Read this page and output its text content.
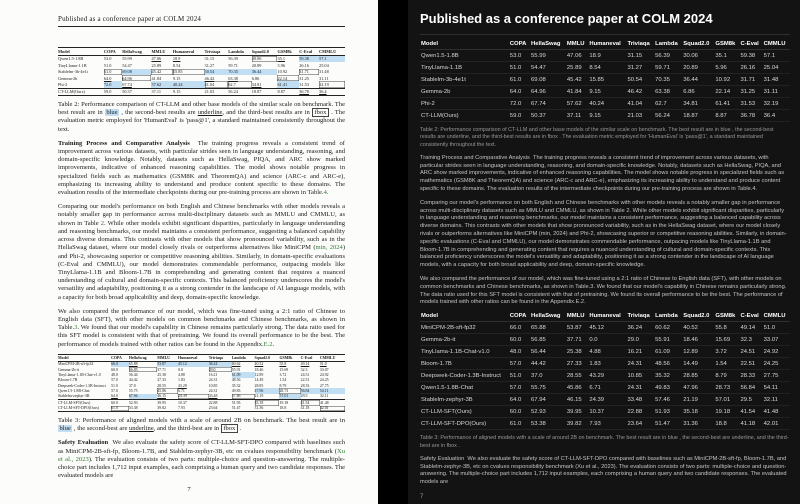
Published as a conference paper at COLM 2024
Model	COPA	HellaSwag	MMLU	Humaneval	Triviaqa	Lambda	Squad2.0	GSM8k	C-Eval	CMMLU
Qwen1.5-1.8B	53.0	55.99	47.06	18.9	31.15	56.39	30.06	35.1	59.38	57.1
TinyLlama-1.1B	51.0	54.47	25.89	8.54	31.27	59.71	20.89	5.96	26.16	25.04
Stablelm-3b-4e1t	61.0	69.08	45.42	15.85	50.54	70.35	36.44	10.92	31.71	31.48
Gemma-2b	64.0	64.96	41.84	9.15	46.42	63.38	6.86	22.14	31.25	31.11
Phi-2	72.0	67.74	57.62	40.24	41.04	62.7	34.81	61.41	31.53	32.19
CT-LLM(Ours)	59.0	50.37	37.11	9.15	21.03	56.24	18.87	8.87	36.78	36.4

Table 2: Performance comparison of CT-LLM and other base models of the similar scale on benchmark. The best result are in blue , the second-best results are underline, and the third-best results are in fbox . The evaluation metric employed for 'HumanEval' is 'pass@1', a standard maintained consistently throughout the text.

Training Process and Comparative Analysis  The training progress reveals a consistent trend of improvement across various datasets, with particular strides seen in language understanding, reasoning, and domain-specific knowledge. Notably, datasets such as HellaSwag, PIQA, and ARC show marked improvements, indicative of enhanced reasoning capabilities. The model shows notable progress in specialized fields such as mathematics (GSM8K and TheoremQA) and science (ARC-c and ARC-e), emphasizing its increasing ability to understand and produce content specific to these domains. The evaluation results of the intermediate checkpoints during our pre-training process are shown in Table.4.

Comparing our model's performance on both English and Chinese benchmarks with other models reveals a notably smaller gap in performance across multi-disciplinary datasets such as MMLU and CMMLU, as shown in Table 2. While other models exhibit significant disparities, particularly in language understanding and reasoning benchmarks, our model maintains a consistent performance, suggesting a balanced capability across diverse domains. This contrasts with other models that show pronounced variability, such as in the HellaSwag dataset, where our model closely rivals or outperforms alternatives like MiniCPM (min, 2024) and Phi-2, showcasing superior or competitive reasoning abilities. Similarly, in domain-specific evaluations (C-Eval and CMMLU), our model demonstrates commendable performance, outpacing models like TinyLlama-1.1B and Bloom-1.7B in comprehending and generating content that requires a nuanced understanding of cultural and domain-specific contexts. This balanced proficiency underscores the model's versatility and adaptability, positioning it as a strong contender in the landscape of AI language models, with a capacity for both broad applicability and deep, domain-specific knowledge.

We also compared the performance of our model, which was fine-tuned using a 2:1 ratio of Chinese to English data (SFT), with other models on common benchmarks and Chinese benchmarks, as shown in Table.3. We found that our model's capability in Chinese remains particularly strong. The data ratio used for this SFT model is consistent with that of pretraining. We found its overall performance to be the best. The performance of models trained with other ratios can be found in the Appendix.E.2.

Model	COPA	HellaSwag	MMLU	Humaneval	Triviaqa	Lambda	Squad2.0	GSM8k	C-Eval	CMMLU
MiniCPM-2B-sft-fp32	66.0	65.88	53.87	45.12	36.24	60.62	40.52	55.8	49.14	51.0
Gemma-2b-it	60.0	56.85	37.71	0.0	29.0	55.91	18.46	15.69	32.3	33.07
TinyLlama-1.1B-Chat-v1.0	48.0	56.44	25.38	4.88	16.21	61.09	12.89	3.72	24.51	24.92
Bloom-1.7B	57.0	44.42	27.33	1.83	24.31	48.56	14.49	1.54	22.51	24.25
Deepseek-Coder-1.3B-Instruct	51.0	37.0	28.55	43.29	10.85	35.32	28.85	8.79	28.33	27.75
Qwen1.5-1.8B-Chat	57.0	55.75	45.86	6.71	24.31	49.83	47.96	28.73	56.84	54.11
Stablelm-zephyr-3B	64.0	67.94	46.15	24.39	33.48	57.46	21.19	57.01	29.5	32.11
CT-LLM-SFT(Ours)	60.0	52.93	39.95	10.37	22.88	51.93	35.18	19.18	41.54	41.48
CT-LLM-SFT-DPO(Ours)	61.0	53.38	39.82	7.93	23.64	51.47	31.36	18.8	41.18	42.01

Table 3: Performance of aligned models with a scale of around 2B on benchmark. The best result are in blue , the second-best are underline, and the third-best are in fbox .

Safety Evaluation  We also evaluate the safety score of CT-LLM-SFT-DPO compared with baselines such as MiniCPM-2B-sft-fp, Bloom-1.7B, and Stablelm-zephyr-3B, etc on cvalues responsibility benchmark (Xu et al., 2023). The evaluation consists of two parts: multiple-choice and question-answering. The multiple-choice part includes 1,712 input examples, each comprising a human query and two candidate responses. The evaluated models are

7
Published as a conference paper at COLM 2024
Model	COPA	HellaSwag	MMLU	Humaneval	Triviaqa	Lambda	Squad2.0	GSM8k	C-Eval	CMMLU
Qwen1.5-1.8B	53.0	55.99	47.06	18.9	31.15	56.39	30.06	35.1	59.38	57.1
TinyLlama-1.1B	51.0	54.47	25.89	8.54	31.27	59.71	20.89	5.96	26.16	25.04
Stablelm-3b-4e1t	61.0	69.08	45.42	15.85	50.54	70.35	36.44	10.92	31.71	31.48
Gemma-2b	64.0	64.96	41.84	9.15	46.42	63.38	6.86	22.14	31.25	31.11
Phi-2	72.0	67.74	57.62	40.24	41.04	62.7	34.81	61.41	31.53	32.19
CT-LLM(Ours)	59.0	50.37	37.11	9.15	21.03	56.24	18.87	8.87	36.78	36.4

Table 2: Performance comparison of CT-LLM and other base models of the similar scale on benchmark. The best result are in blue , the second-best results are underline, and the third-best results are in fbox . The evaluation metric employed for 'HumanEval' is 'pass@1', a standard maintained consistently throughout the text.

Training Process and Comparative Analysis  The training progress reveals a consistent trend of improvement across various datasets, with particular strides seen in language understanding, reasoning, and domain-specific knowledge. Notably, datasets such as HellaSwag, PIQA, and ARC show marked improvements, indicative of enhanced reasoning capabilities. The model shows notable progress in specialized fields such as mathematics (GSM8K and TheoremQA) and science (ARC-c and ARC-e), emphasizing its increasing ability to understand and produce content specific to these domains. The evaluation results of the intermediate checkpoints during our pre-training process are shown in Table.4.

Comparing our model's performance on both English and Chinese benchmarks with other models reveals a notably smaller gap in performance across multi-disciplinary datasets such as MMLU and CMMLU, as shown in Table 2. While other models exhibit significant disparities, particularly in language understanding and reasoning benchmarks, our model maintains a consistent performance, suggesting a balanced capability across diverse domains. This contrasts with other models that show pronounced variability, such as in the HellaSwag dataset, where our model closely rivals or outperforms alternatives like MiniCPM (min, 2024) and Phi-2, showcasing superior or competitive reasoning abilities. Similarly, in domain-specific evaluations (C-Eval and CMMLU), our model demonstrates commendable performance, outpacing models like TinyLlama-1.1B and Bloom-1.7B in comprehending and generating content that requires a nuanced understanding of cultural and domain-specific contexts. This balanced proficiency underscores the model's versatility and adaptability, positioning it as a strong contender in the landscape of AI language models, with a capacity for both broad applicability and deep, domain-specific knowledge.

We also compared the performance of our model, which was fine-tuned using a 2:1 ratio of Chinese to English data (SFT), with other models on common benchmarks and Chinese benchmarks, as shown in Table.3. We found that our model's capability in Chinese remains particularly strong. The data ratio used for this SFT model is consistent with that of pretraining. We found its overall performance to be the best. The performance of models trained with other ratios can be found in the Appendix.E.2.

Model	COPA	HellaSwag	MMLU	Humaneval	Triviaqa	Lambda	Squad2.0	GSM8k	C-Eval	CMMLU
MiniCPM-2B-sft-fp32	66.0	65.88	53.87	45.12	36.24	60.62	40.52	55.8	49.14	51.0
Gemma-2b-it	60.0	56.85	37.71	0.0	29.0	55.91	18.46	15.69	32.3	33.07
TinyLlama-1.1B-Chat-v1.0	48.0	56.44	25.38	4.88	16.21	61.09	12.89	3.72	24.51	24.92
Bloom-1.7B	57.0	44.42	27.33	1.83	24.31	48.56	14.49	1.54	22.51	24.25
Deepseek-Coder-1.3B-Instruct	51.0	37.0	28.55	43.29	10.85	35.32	28.85	8.79	28.33	27.75
Qwen1.5-1.8B-Chat	57.0	55.75	45.86	6.71	24.31	49.83	47.96	28.73	56.84	54.11
Stablelm-zephyr-3B	64.0	67.94	46.15	24.39	33.48	57.46	21.19	57.01	29.5	32.11
CT-LLM-SFT(Ours)	60.0	52.93	39.95	10.37	22.88	51.93	35.18	19.18	41.54	41.48
CT-LLM-SFT-DPO(Ours)	61.0	53.38	39.82	7.93	23.64	51.47	31.36	18.8	41.18	42.01

Table 3: Performance of aligned models with a scale of around 2B on benchmark. The best result are in blue , the second-best are underline, and the third-best are in fbox .

Safety Evaluation  We also evaluate the safety score of CT-LLM-SFT-DPO compared with baselines such as MiniCPM-2B-sft-fp, Bloom-1.7B, and Stablelm-zephyr-3B, etc on cvalues responsibility benchmark (Xu et al., 2023). The evaluation consists of two parts: multiple-choice and question-answering. The multiple-choice part includes 1,712 input examples, each comprising a human query and two candidate responses. The evaluated models are

7
